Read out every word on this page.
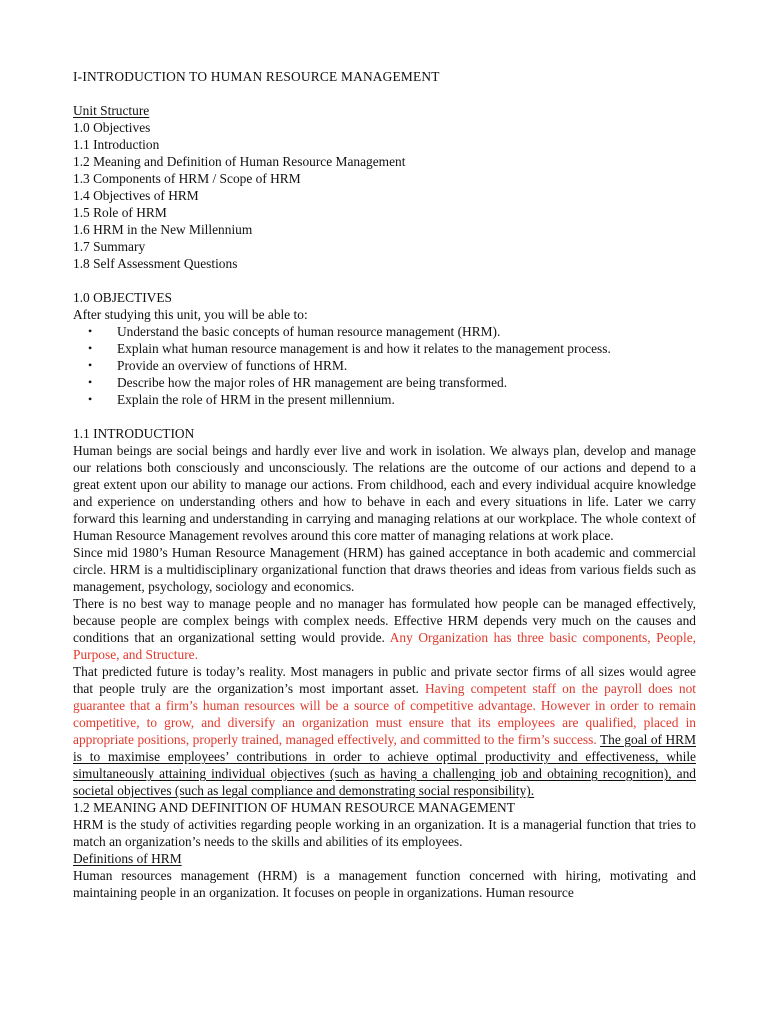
I-INTRODUCTION TO HUMAN RESOURCE MANAGEMENT
Unit Structure
1.0 Objectives
1.1 Introduction
1.2 Meaning and Definition of Human Resource Management
1.3 Components of HRM / Scope of HRM
1.4 Objectives of HRM
1.5 Role of HRM
1.6 HRM in the New Millennium
1.7 Summary
1.8 Self Assessment Questions
1.0 OBJECTIVES
After studying this unit, you will be able to:
• Understand the basic concepts of human resource management (HRM).
• Explain what human resource management is and how it relates to the management process.
• Provide an overview of functions of HRM.
• Describe how the major roles of HR management are being transformed.
• Explain the role of HRM in the present millennium.
1.1 INTRODUCTION

Human beings are social beings and hardly ever live and work in isolation. We always plan, develop and manage our relations both consciously and unconsciously. The relations are the outcome of our actions and depend to a great extent upon our ability to manage our actions. From childhood, each and every individual acquire knowledge and experience on understanding others and how to behave in each and every situations in life. Later we carry forward this learning and understanding in carrying and managing relations at our workplace. The whole context of Human Resource Management revolves around this core matter of managing relations at work place.

Since mid 1980’s Human Resource Management (HRM) has gained acceptance in both academic and commercial circle. HRM is a multidisciplinary organizational function that draws theories and ideas from various fields such as management, psychology, sociology and economics.

There is no best way to manage people and no manager has formulated how people can be managed effectively, because people are complex beings with complex needs. Effective HRM depends very much on the causes and conditions that an organizational setting would provide. Any Organization has three basic components, People, Purpose, and Structure.

That predicted future is today’s reality. Most managers in public and private sector firms of all sizes would agree that people truly are the organization’s most important asset. Having competent staff on the payroll does not guarantee that a firm’s human resources will be a source of competitive advantage. However in order to remain competitive, to grow, and diversify an organization must ensure that its employees are qualified, placed in appropriate positions, properly trained, managed effectively, and committed to the firm’s success. The goal of HRM is to maximise employees’ contributions in order to achieve optimal productivity and effectiveness, while simultaneously attaining individual objectives (such as having a challenging job and obtaining recognition), and societal objectives (such as legal compliance and demonstrating social responsibility).

1.2 MEANING AND DEFINITION OF HUMAN RESOURCE MANAGEMENT

HRM is the study of activities regarding people working in an organization. It is a managerial function that tries to match an organization’s needs to the skills and abilities of its employees.

Definitions of HRM

Human resources management (HRM) is a management function concerned with hiring, motivating and maintaining people in an organization. It focuses on people in organizations. Human resource
